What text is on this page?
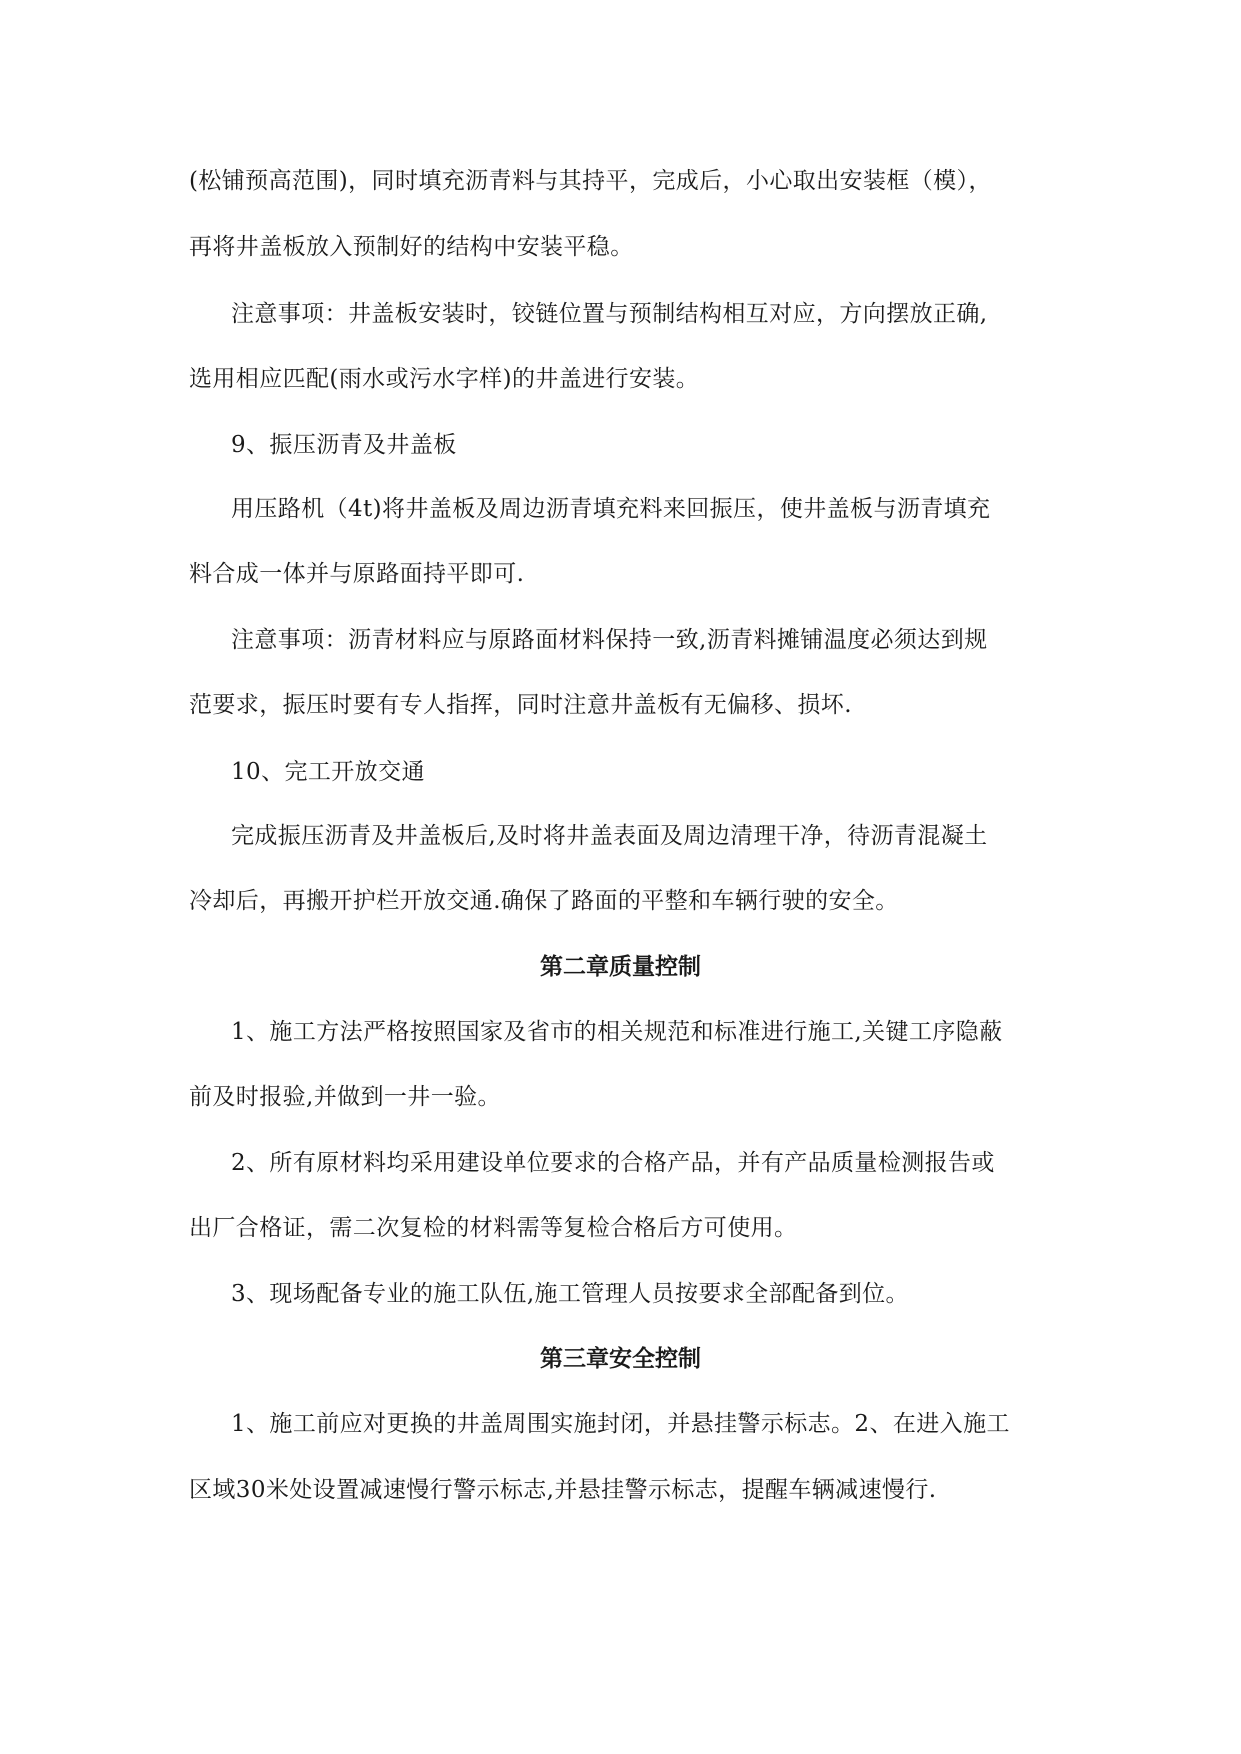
(松铺预高范围)，同时填充沥青料与其持平，完成后，小心取出安装框（模），
再将井盖板放入预制好的结构中安装平稳。
注意事项：井盖板安装时，铰链位置与预制结构相互对应，方向摆放正确,
选用相应匹配(雨水或污水字样)的井盖进行安装。
9、振压沥青及井盖板
用压路机（4t)将井盖板及周边沥青填充料来回振压，使井盖板与沥青填充
料合成一体并与原路面持平即可.
注意事项：沥青材料应与原路面材料保持一致,沥青料摊铺温度必须达到规
范要求，振压时要有专人指挥，同时注意井盖板有无偏移、损坏.
10、完工开放交通
完成振压沥青及井盖板后,及时将井盖表面及周边清理干净，待沥青混凝土
冷却后，再搬开护栏开放交通.确保了路面的平整和车辆行驶的安全。
第二章质量控制
1、施工方法严格按照国家及省市的相关规范和标准进行施工,关键工序隐蔽
前及时报验,并做到一井一验。
2、所有原材料均采用建设单位要求的合格产品，并有产品质量检测报告或
出厂合格证，需二次复检的材料需等复检合格后方可使用。
3、现场配备专业的施工队伍,施工管理人员按要求全部配备到位。
第三章安全控制
1、施工前应对更换的井盖周围实施封闭，并悬挂警示标志。2、在进入施工
区域30米处设置减速慢行警示标志,并悬挂警示标志，提醒车辆减速慢行.
